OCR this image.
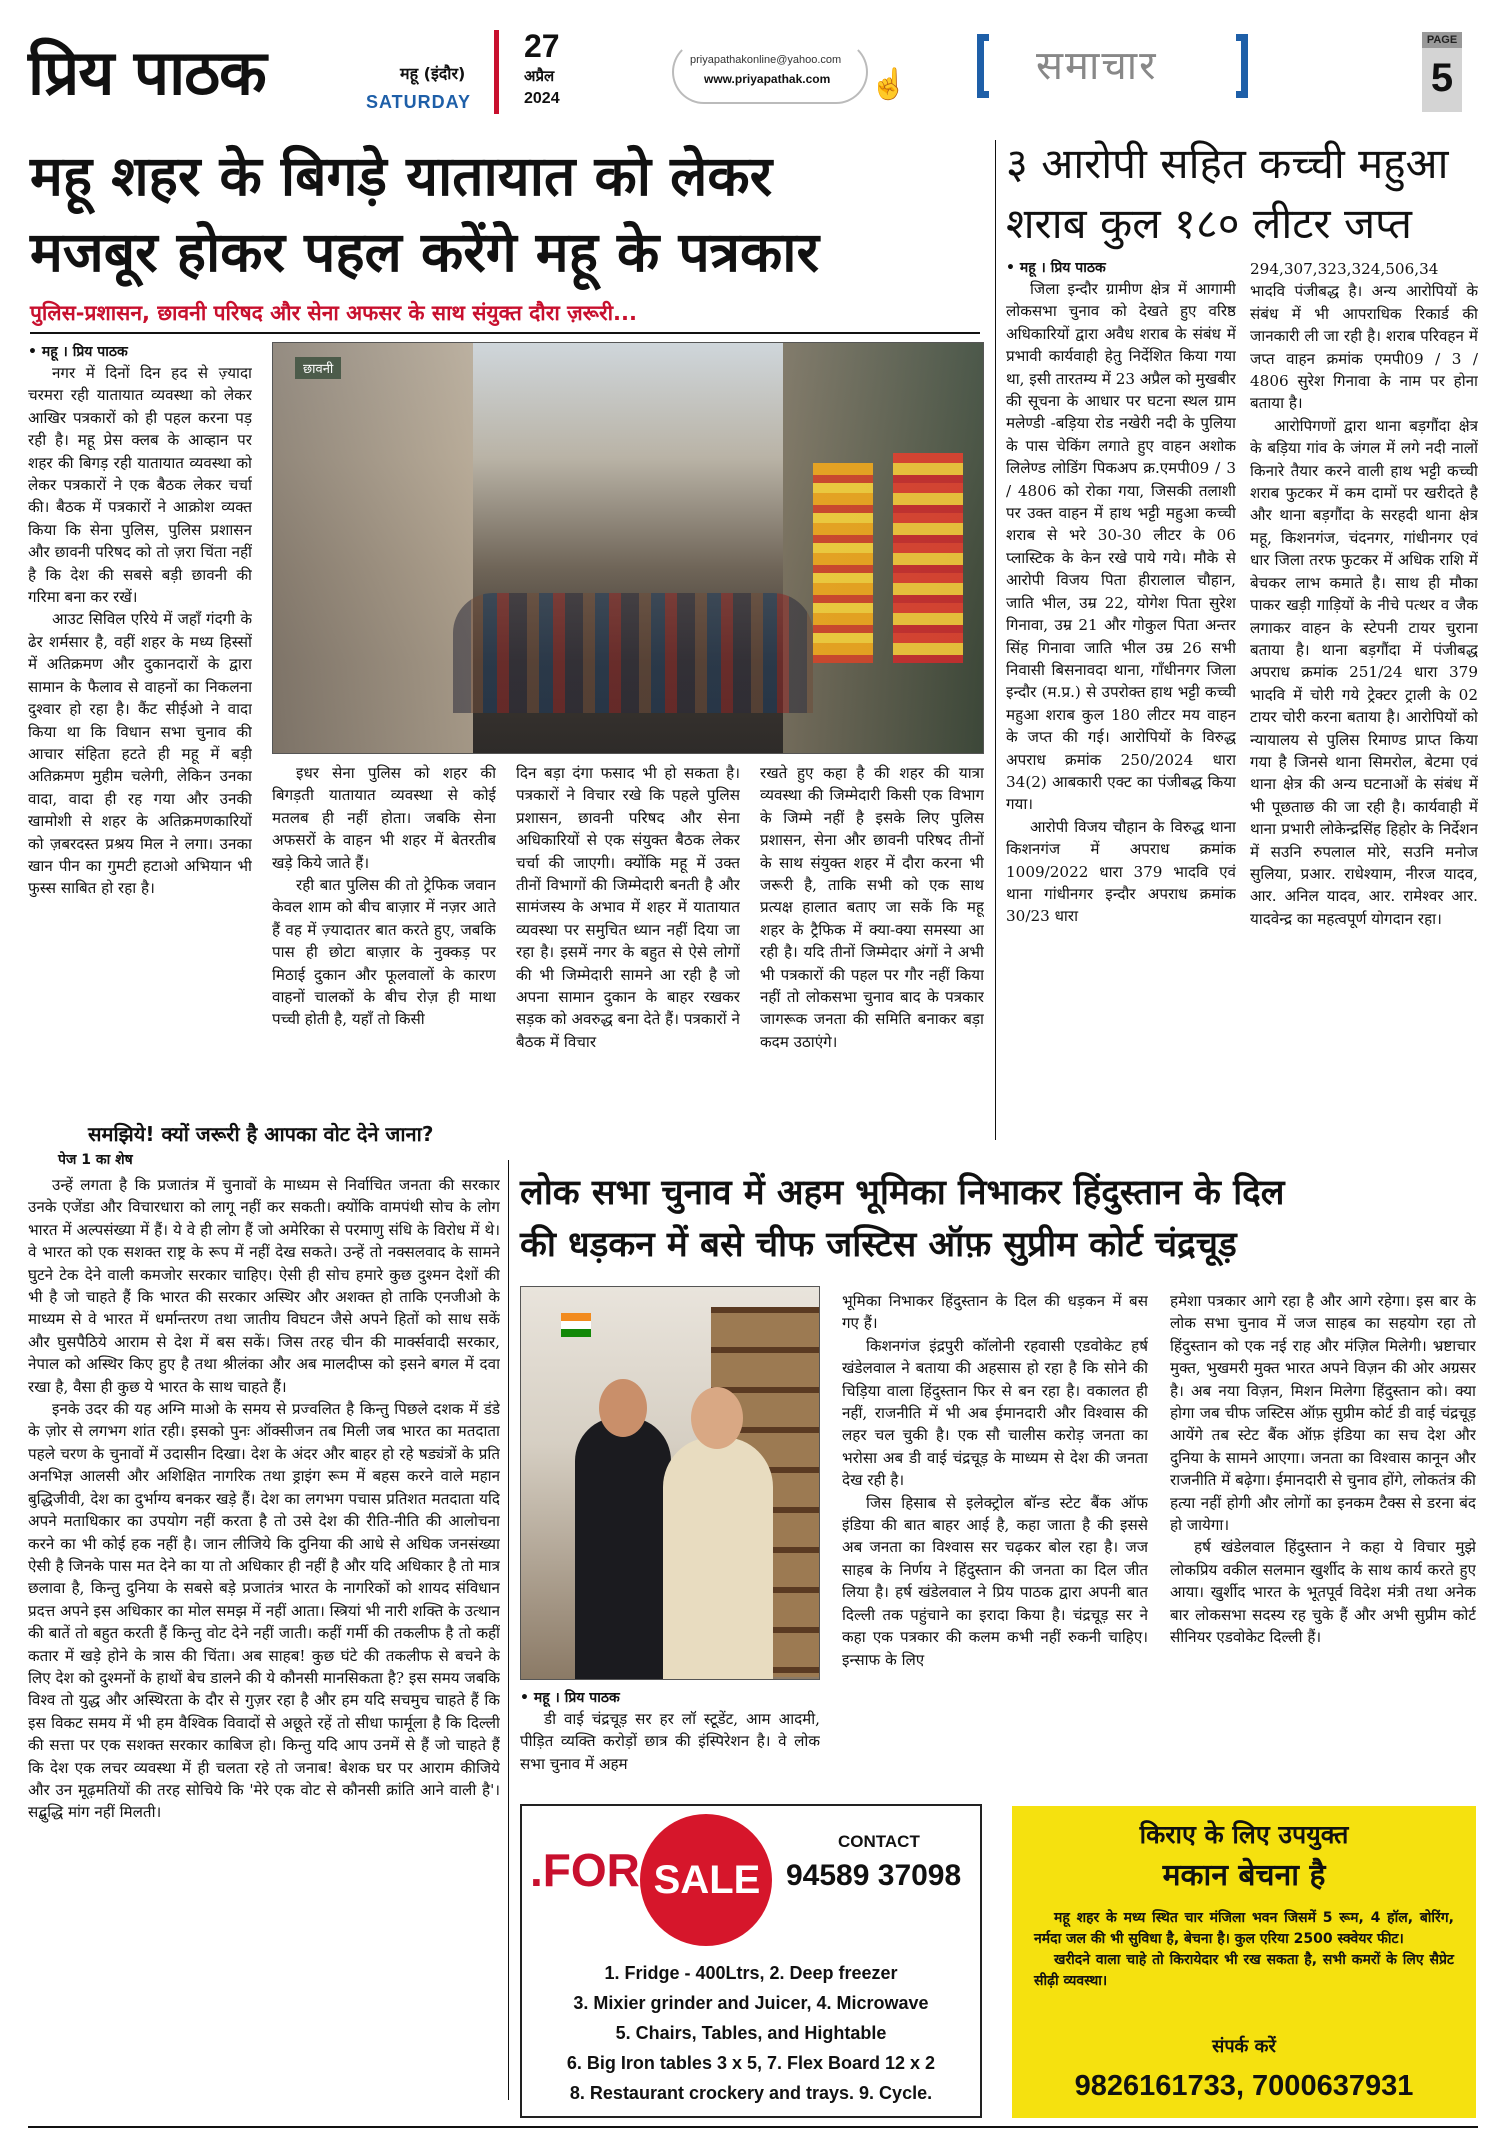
प्रिय पाठक	महू (इंदौर)
SATURDAY
27
अप्रैल
2024
priyapathakonline@yahoo.com
www.priyapathak.com ☝	समाचार
PAGE
5
महू शहर के बिगड़े यातायात को लेकर
मजबूर होकर पहल करेंगे महू के पत्रकार
पुलिस-प्रशासन, छावनी परिषद और सेना अफसर के साथ संयुक्त दौरा ज़रूरी...
• महू । प्रिय पाठक

नगर में दिनों दिन हद से ज़्यादा चरमरा रही यातायात व्यवस्था को लेकर आखिर पत्रकारों को ही पहल करना पड़ रही है। महू प्रेस क्लब के आव्हान पर शहर की बिगड़ रही यातायात व्यवस्था को लेकर पत्रकारों ने एक बैठक लेकर चर्चा की। बैठक में पत्रकारों ने आक्रोश व्यक्त किया कि सेना पुलिस, पुलिस प्रशासन और छावनी परिषद को तो ज़रा चिंता नहीं है कि देश की सबसे बड़ी छावनी की गरिमा बना कर रखें।

आउट सिविल एरिये में जहाँ गंदगी के ढेर शर्मसार है, वहीं शहर के मध्य हिस्सों में अतिक्रमण और दुकानदारों के द्वारा सामान के फैलाव से वाहनों का निकलना दुश्वार हो रहा है। कैंट सीईओ ने वादा किया था कि विधान सभा चुनाव की आचार संहिता हटते ही महू में बड़ी अतिक्रमण मुहीम चलेगी, लेकिन उनका वादा, वादा ही रह गया और उनकी खामोशी से शहर के अतिक्रमणकारियों को ज़बरदस्त प्रश्रय मिल ने लगा। उनका खान पीन का गुमटी हटाओ अभियान भी फुस्स साबित हो रहा है।

छावनी

इधर सेना पुलिस को शहर की बिगड़ती यातायात व्यवस्था से कोई मतलब ही नहीं होता। जबकि सेना अफसरों के वाहन भी शहर में बेतरतीब खड़े किये जाते हैं।

रही बात पुलिस की तो ट्रेफिक जवान केवल शाम को बीच बाज़ार में नज़र आते हैं वह में ज़्यादातर बात करते हुए, जबकि पास ही छोटा बाज़ार के नुक्कड़ पर मिठाई दुकान और फूलवालों के कारण वाहनों चालकों के बीच रोज़ ही माथा पच्ची होती है, यहाँ तो किसी

दिन बड़ा दंगा फसाद भी हो सकता है। पत्रकारों ने विचार रखे कि पहले पुलिस प्रशासन, छावनी परिषद और सेना अधिकारियों से एक संयुक्त बैठक लेकर चर्चा की जाएगी। क्योंकि महू में उक्त तीनों विभागों की जिम्मेदारी बनती है और सामंजस्य के अभाव में शहर में यातायात व्यवस्था पर समुचित ध्यान नहीं दिया जा रहा है। इसमें नगर के बहुत से ऐसे लोगों की भी जिम्मेदारी सामने आ रही है जो अपना सामान दुकान के बाहर रखकर सड़क को अवरुद्ध बना देते हैं। पत्रकारों ने बैठक में विचार

रखते हुए कहा है की शहर की यात्रा व्यवस्था की जिम्मेदारी किसी एक विभाग के जिम्मे नहीं है इसके लिए पुलिस प्रशासन, सेना और छावनी परिषद तीनों के साथ संयुक्त शहर में दौरा करना भी जरूरी है, ताकि सभी को एक साथ प्रत्यक्ष हालात बताए जा सकें कि महू शहर के ट्रैफिक में क्या-क्या समस्या आ रही है। यदि तीनों जिम्मेदार अंगों ने अभी भी पत्रकारों की पहल पर गौर नहीं किया नहीं तो लोकसभा चुनाव बाद के पत्रकार जागरूक जनता की समिति बनाकर बड़ा कदम उठाएंगे।

३ आरोपी सहित कच्ची महुआ
शराब कुल १८० लीटर जप्त
• महू । प्रिय पाठक

जिला इन्दौर ग्रामीण क्षेत्र में आगामी लोकसभा चुनाव को देखते हुए वरिष्ठ अधिकारियों द्वारा अवैध शराब के संबंध में प्रभावी कार्यवाही हेतु निर्देशित किया गया था, इसी तारतम्य में 23 अप्रैल को मुखबीर की सूचना के आधार पर घटना स्थल ग्राम मलेण्डी -बड़िया रोड नखेरी नदी के पुलिया के पास चेकिंग लगाते हुए वाहन अशोक लिलेण्ड लोडिंग पिकअप क्र.एमपी09 / 3 / 4806 को रोका गया, जिसकी तलाशी पर उक्त वाहन में हाथ भट्टी महुआ कच्ची शराब से भरे 30-30 लीटर के 06 प्लास्टिक के केन रखे पाये गये। मौके से आरोपी विजय पिता हीरालाल चौहान, जाति भील, उम्र 22, योगेश पिता सुरेश गिनावा, उम्र 21 और गोकुल पिता अन्तर सिंह गिनावा जाति भील उम्र 26 सभी निवासी बिसनावदा थाना, गाँधीनगर जिला इन्दौर (म.प्र.) से उपरोक्त हाथ भट्टी कच्ची महुआ शराब कुल 180 लीटर मय वाहन के जप्त की गई। आरोपियों के विरुद्ध अपराध क्रमांक 250/2024 धारा 34(2) आबकारी एक्ट का पंजीबद्ध किया गया।

आरोपी विजय चौहान के विरुद्ध थाना किशनगंज में अपराध क्रमांक 1009/2022 धारा 379 भादवि एवं थाना गांधीनगर इन्दौर अपराध क्रमांक 30/23 धारा

294,307,323,324,506,34 भादवि पंजीबद्ध है। अन्य आरोपियों के संबंध में भी आपराधिक रिकार्ड की जानकारी ली जा रही है। शराब परिवहन में जप्त वाहन क्रमांक एमपी09 / 3 / 4806 सुरेश गिनावा के नाम पर होना बताया है।

आरोपिगणों द्वारा थाना बड़गौंदा क्षेत्र के बड़िया गांव के जंगल में लगे नदी नालों किनारे तैयार करने वाली हाथ भट्टी कच्ची शराब फुटकर में कम दामों पर खरीदते है और थाना बड़गौंदा के सरहदी थाना क्षेत्र महू, किशनगंज, चंदनगर, गांधीनगर एवं धार जिला तरफ फुटकर में अधिक राशि में बेचकर लाभ कमाते है। साथ ही मौका पाकर खड़ी गाड़ियों के नीचे पत्थर व जैक लगाकर वाहन के स्टेपनी टायर चुराना बताया है। थाना बड़गौंदा में पंजीबद्ध अपराध क्रमांक 251/24 धारा 379 भादवि में चोरी गये ट्रेक्टर ट्राली के 02 टायर चोरी करना बताया है। आरोपियों को न्यायालय से पुलिस रिमाण्ड प्राप्त किया गया है जिनसे थाना सिमरोल, बेटमा एवं थाना क्षेत्र की अन्य घटनाओं के संबंध में भी पूछताछ की जा रही है। कार्यवाही में थाना प्रभारी लोकेन्द्रसिंह हिहोर के निर्देशन में सउनि रुपलाल मोरे, सउनि मनोज सुलिया, प्रआर. राधेश्याम, नीरज यादव, आर. अनिल यादव, आर. रामेश्वर आर. यादवेन्द्र का महत्वपूर्ण योगदान रहा।

समझिये! क्यों जरूरी है आपका वोट देने जाना?
पेज 1 का शेष

उन्हें लगता है कि प्रजातंत्र में चुनावों के माध्यम से निर्वाचित जनता की सरकार उनके एजेंडा और विचारधारा को लागू नहीं कर सकती। क्योंकि वामपंथी सोच के लोग भारत में अल्पसंख्या में हैं। ये वे ही लोग हैं जो अमेरिका से परमाणु संधि के विरोध में थे। वे भारत को एक सशक्त राष्ट्र के रूप में नहीं देख सकते। उन्हें तो नक्सलवाद के सामने घुटने टेक देने वाली कमजोर सरकार चाहिए। ऐसी ही सोच हमारे कुछ दुश्मन देशों की भी है जो चाहते हैं कि भारत की सरकार अस्थिर और अशक्त हो ताकि एनजीओ के माध्यम से वे भारत में धर्मान्तरण तथा जातीय विघटन जैसे अपने हितों को साध सकें और घुसपैठिये आराम से देश में बस सकें। जिस तरह चीन की मार्क्सवादी सरकार, नेपाल को अस्थिर किए हुए है तथा श्रीलंका और अब मालदीप्स को इसने बगल में दवा रखा है, वैसा ही कुछ ये भारत के साथ चाहते हैं।

इनके उदर की यह अग्नि माओ के समय से प्रज्वलित है किन्तु पिछले दशक में डंडे के ज़ोर से लगभग शांत रही। इसको पुनः ऑक्सीजन तब मिली जब भारत का मतदाता पहले चरण के चुनावों में उदासीन दिखा। देश के अंदर और बाहर हो रहे षड्यंत्रों के प्रति अनभिज्ञ आलसी और अशिक्षित नागरिक तथा ड्राइंग रूम में बहस करने वाले महान बुद्धिजीवी, देश का दुर्भाग्य बनकर खड़े हैं। देश का लगभग पचास प्रतिशत मतदाता यदि अपने मताधिकार का उपयोग नहीं करता है तो उसे देश की रीति-नीति की आलोचना करने का भी कोई हक नहीं है। जान लीजिये कि दुनिया की आधे से अधिक जनसंख्या ऐसी है जिनके पास मत देने का या तो अधिकार ही नहीं है और यदि अधिकार है तो मात्र छलावा है, किन्तु दुनिया के सबसे बड़े प्रजातंत्र भारत के नागरिकों को शायद संविधान प्रदत्त अपने इस अधिकार का मोल समझ में नहीं आता। स्त्रियां भी नारी शक्ति के उत्थान की बातें तो बहुत करती हैं किन्तु वोट देने नहीं जाती। कहीं गर्मी की तकलीफ है तो कहीं कतार में खड़े होने के त्रास की चिंता। अब साहब! कुछ घंटे की तकलीफ से बचने के लिए देश को दुश्मनों के हाथों बेच डालने की ये कौनसी मानसिकता है? इस समय जबकि विश्व तो युद्ध और अस्थिरता के दौर से गुज़र रहा है और हम यदि सचमुच चाहते हैं कि इस विकट समय में भी हम वैश्विक विवादों से अछूते रहें तो सीधा फार्मूला है कि दिल्ली की सत्ता पर एक सशक्त सरकार काबिज हो। किन्तु यदि आप उनमें से हैं जो चाहते हैं कि देश एक लचर व्यवस्था में ही चलता रहे तो जनाब! बेशक घर पर आराम कीजिये और उन मूढ़मतियों की तरह सोचिये कि 'मेरे एक वोट से कौनसी क्रांति आने वाली है'। सद्बुद्धि मांग नहीं मिलती।

लोक सभा चुनाव में अहम भूमिका निभाकर हिंदुस्तान के दिल
की धड़कन में बसे चीफ जस्टिस ऑफ़ सुप्रीम कोर्ट चंद्रचूड़
• महू । प्रिय पाठक

डी वाई चंद्रचूड़ सर हर लॉ स्टूडेंट, आम आदमी, पीड़ित व्यक्ति करोड़ों छात्र की इंस्पिरेशन है। वे लोक सभा चुनाव में अहम

भूमिका निभाकर हिंदुस्तान के दिल की धड़कन में बस गए हैं।

किशनगंज इंद्रपुरी कॉलोनी रहवासी एडवोकेट हर्ष खंडेलवाल ने बताया की अहसास हो रहा है कि सोने की चिड़िया वाला हिंदुस्तान फिर से बन रहा है। वकालत ही नहीं, राजनीति में भी अब ईमानदारी और विश्वास की लहर चल चुकी है। एक सौ चालीस करोड़ जनता का भरोसा अब डी वाई चंद्रचूड़ के माध्यम से देश की जनता देख रही है।

जिस हिसाब से इलेक्ट्रोल बॉन्ड स्टेट बैंक ऑफ इंडिया की बात बाहर आई है, कहा जाता है की इससे अब जनता का विश्वास सर चढ़कर बोल रहा है। जज साहब के निर्णय ने हिंदुस्तान की जनता का दिल जीत लिया है। हर्ष खंडेलवाल ने प्रिय पाठक द्वारा अपनी बात दिल्ली तक पहुंचाने का इरादा किया है। चंद्रचूड़ सर ने कहा एक पत्रकार की कलम कभी नहीं रुकनी चाहिए। इन्साफ के लिए

हमेशा पत्रकार आगे रहा है और आगे रहेगा। इस बार के लोक सभा चुनाव में जज साहब का सहयोग रहा तो हिंदुस्तान को एक नई राह और मंज़िल मिलेगी। भ्रष्टाचार मुक्त, भुखमरी मुक्त भारत अपने विज़न की ओर अग्रसर है। अब नया विज़न, मिशन मिलेगा हिंदुस्तान को। क्या होगा जब चीफ जस्टिस ऑफ़ सुप्रीम कोर्ट डी वाई चंद्रचूड़ आयेंगे तब स्टेट बैंक ऑफ़ इंडिया का सच देश और दुनिया के सामने आएगा। जनता का विश्वास कानून और राजनीति में बढ़ेगा। ईमानदारी से चुनाव होंगे, लोकतंत्र की हत्या नहीं होगी और लोगों का इनकम टैक्स से डरना बंद हो जायेगा।

हर्ष खंडेलवाल हिंदुस्तान ने कहा ये विचार मुझे लोकप्रिय वकील सलमान खुर्शीद के साथ कार्य करते हुए आया। खुर्शीद भारत के भूतपूर्व विदेश मंत्री तथा अनेक बार लोकसभा सदस्य रह चुके हैं और अभी सुप्रीम कोर्ट सीनियर एडवोकेट दिल्ली हैं।

.FOR SALE
CONTACT
94589 37098
1. Fridge - 400Ltrs, 2. Deep freezer
3. Mixier grinder and Juicer, 4. Microwave
5. Chairs, Tables, and Hightable
6. Big Iron tables 3 x 5, 7. Flex Board 12 x 2
8. Restaurant crockery and trays. 9. Cycle.
किराए के लिए उपयुक्त
मकान बेचना है
महू शहर के मध्य स्थित चार मंजिला भवन जिसमें 5 रूम, 4 हॉल, बोरिंग, नर्मदा जल की भी सुविधा है, बेचना है। कुल एरिया 2500 स्क्वेयर फीट।
खरीदने वाला चाहे तो किरायेदार भी रख सकता है, सभी कमरों के लिए सैप्रेट सीढ़ी व्यवस्था।
संपर्क करें
9826161733, 7000637931
